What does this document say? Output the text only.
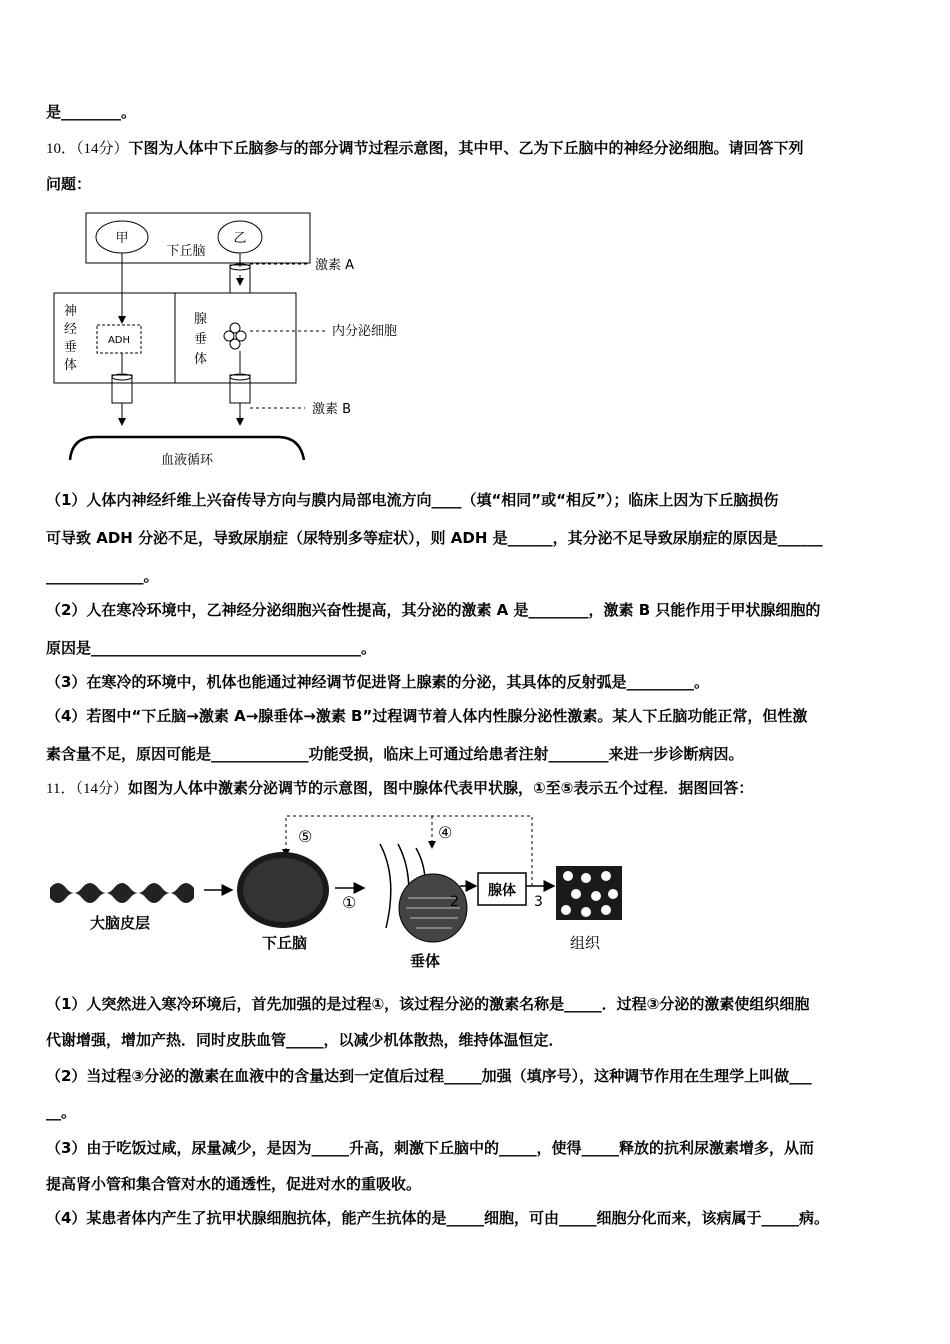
是________。
10．（14分）下图为人体中下丘脑参与的部分调节过程示意图，其中甲、乙为下丘脑中的神经分泌细胞。请回答下列
问题：
甲	乙
下丘脑
激素 A
神
经
垂
体
ADH
腺
垂
体
内分泌细胞
激素 B
血液循环
（1）人体内神经纤维上兴奋传导方向与膜内局部电流方向____（填“相同”或“相反”）；临床上因为下丘脑损伤
可导致 ADH 分泌不足，导致尿崩症（尿特别多等症状），则 ADH 是______，其分泌不足导致尿崩症的原因是______
_____________。
（2）人在寒冷环境中，乙神经分泌细胞兴奋性提高，其分泌的激素 A 是________，激素 B 只能作用于甲状腺细胞的
原因是____________________________________。
（3）在寒冷的环境中，机体也能通过神经调节促进肾上腺素的分泌，其具体的反射弧是_________。
（4）若图中“下丘脑→激素 A→腺垂体→激素 B”过程调节着人体内性腺分泌性激素。某人下丘脑功能正常，但性激
素含量不足，原因可能是_____________功能受损，临床上可通过给患者注射________来进一步诊断病因。
11．（14分）如图为人体中激素分泌调节的示意图，图中腺体代表甲状腺，①至⑤表示五个过程．据图回答：
⑤	④
大脑皮层
下丘脑
①
垂体
2
腺体
3
组织
（1）人突然进入寒冷环境后，首先加强的是过程①，该过程分泌的激素名称是_____．过程③分泌的激素使组织细胞
代谢增强，增加产热．同时皮肤血管_____，以减少机体散热，维持体温恒定．
（2）当过程③分泌的激素在血液中的含量达到一定值后过程_____加强（填序号），这种调节作用在生理学上叫做___
__。
（3）由于吃饭过咸，尿量减少，是因为_____升高，刺激下丘脑中的_____，使得_____释放的抗利尿激素增多，从而
提高肾小管和集合管对水的通透性，促进对水的重吸收。
（4）某患者体内产生了抗甲状腺细胞抗体，能产生抗体的是_____细胞，可由_____细胞分化而来，该病属于_____病。
